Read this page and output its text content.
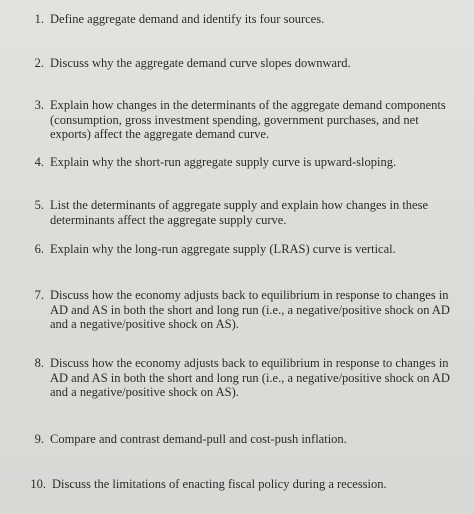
1. Define aggregate demand and identify its four sources.
2. Discuss why the aggregate demand curve slopes downward.
3. Explain how changes in the determinants of the aggregate demand components (consumption, gross investment spending, government purchases, and net exports) affect the aggregate demand curve.
4. Explain why the short-run aggregate supply curve is upward-sloping.
5. List the determinants of aggregate supply and explain how changes in these determinants affect the aggregate supply curve.
6. Explain why the long-run aggregate supply (LRAS) curve is vertical.
7. Discuss how the economy adjusts back to equilibrium in response to changes in AD and AS in both the short and long run (i.e., a negative/positive shock on AD and a negative/positive shock on AS).
8. Discuss how the economy adjusts back to equilibrium in response to changes in AD and AS in both the short and long run (i.e., a negative/positive shock on AD and a negative/positive shock on AS).
9. Compare and contrast demand-pull and cost-push inflation.
10. Discuss the limitations of enacting fiscal policy during a recession.
